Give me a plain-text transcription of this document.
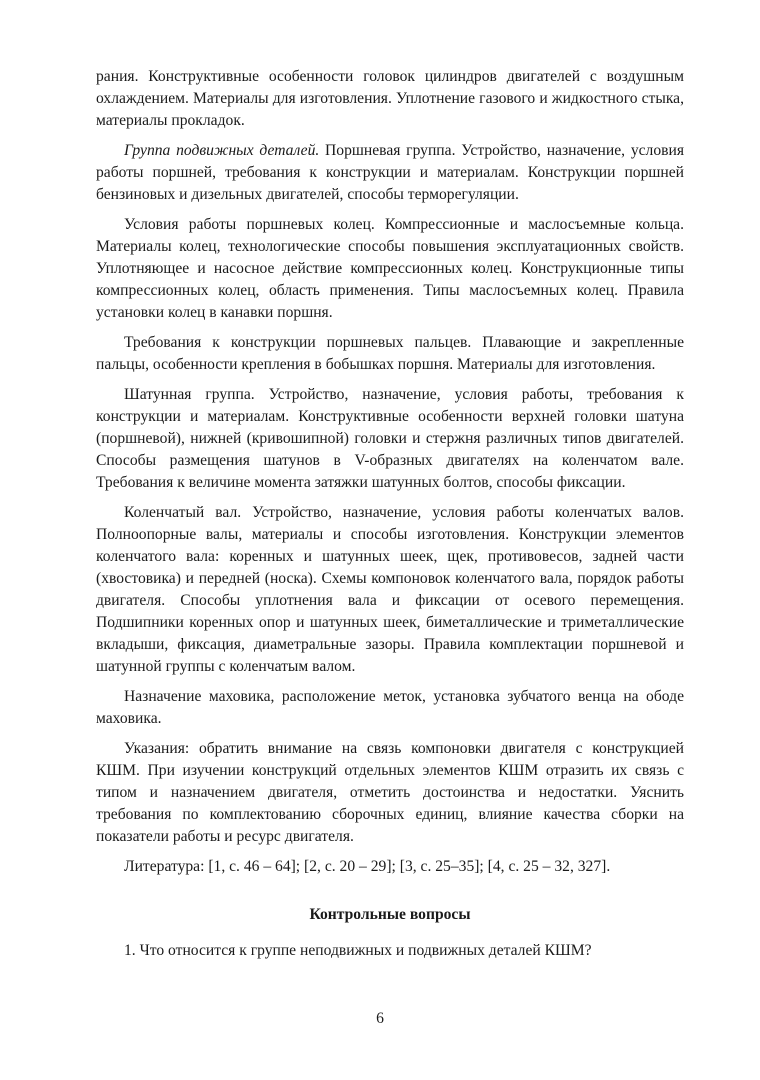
рания. Конструктивные особенности головок цилиндров двигателей с воздушным охлаждением. Материалы для изготовления. Уплотнение газового и жидкостного стыка, материалы прокладок.

Группа подвижных деталей. Поршневая группа. Устройство, назначение, условия работы поршней, требования к конструкции и материалам. Конструкции поршней бензиновых и дизельных двигателей, способы терморегуляции.

Условия работы поршневых колец. Компрессионные и маслосъемные кольца. Материалы колец, технологические способы повышения эксплуатационных свойств. Уплотняющее и насосное действие компрессионных колец. Конструкционные типы компрессионных колец, область применения. Типы маслосъемных колец. Правила установки колец в канавки поршня.

Требования к конструкции поршневых пальцев. Плавающие и закрепленные пальцы, особенности крепления в бобышках поршня. Материалы для изготовления.

Шатунная группа. Устройство, назначение, условия работы, требования к конструкции и материалам. Конструктивные особенности верхней головки шатуна (поршневой), нижней (кривошипной) головки и стержня различных типов двигателей. Способы размещения шатунов в V-образных двигателях на коленчатом вале. Требования к величине момента затяжки шатунных болтов, способы фиксации.

Коленчатый вал. Устройство, назначение, условия работы коленчатых валов. Полноопорные валы, материалы и способы изготовления. Конструкции элементов коленчатого вала: коренных и шатунных шеек, щек, противовесов, задней части (хвостовика) и передней (носка). Схемы компоновок коленчатого вала, порядок работы двигателя. Способы уплотнения вала и фиксации от осевого перемещения. Подшипники коренных опор и шатунных шеек, биметаллические и триметаллические вкладыши, фиксация, диаметральные зазоры. Правила комплектации поршневой и шатунной группы с коленчатым валом.

Назначение маховика, расположение меток, установка зубчатого венца на ободе маховика.

Указания: обратить внимание на связь компоновки двигателя с конструкцией КШМ. При изучении конструкций отдельных элементов КШМ отразить их связь с типом и назначением двигателя, отметить достоинства и недостатки. Уяснить требования по комплектованию сборочных единиц, влияние качества сборки на показатели работы и ресурс двигателя.

Литература: [1, с. 46 – 64]; [2, с. 20 – 29]; [3, с. 25–35]; [4, с. 25 – 32, 327].

Контрольные вопросы

1. Что относится к группе неподвижных и подвижных деталей КШМ?

6
